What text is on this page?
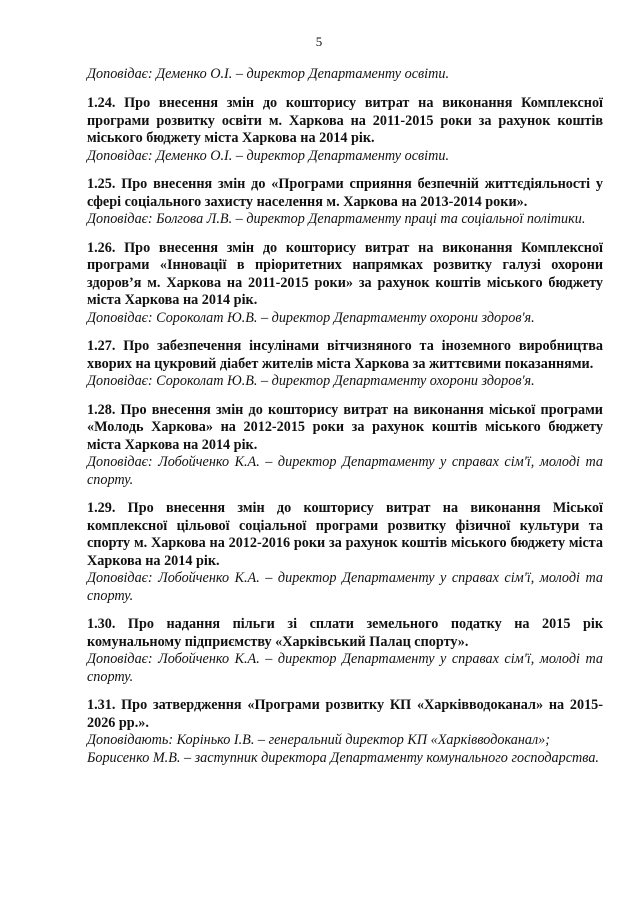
5

Доповідає: Деменко О.І. – директор Департаменту освіти.

1.24. Про внесення змін до кошторису витрат на виконання Комплексної програми розвитку освіти м. Харкова на 2011-2015 роки за рахунок коштів міського бюджету міста Харкова на 2014 рік.

Доповідає: Деменко О.І. – директор Департаменту освіти.

1.25. Про внесення змін до «Програми сприяння безпечній життєдіяльності у сфері соціального захисту населення м. Харкова на 2013-2014 роки».

Доповідає: Болгова Л.В. – директор Департаменту праці та соціальної політики.

1.26. Про внесення змін до кошторису витрат на виконання Комплексної програми «Інновації в пріоритетних напрямках розвитку галузі охорони здоров’я м. Харкова на 2011-2015 роки» за рахунок коштів міського бюджету міста Харкова на 2014 рік.

Доповідає: Сороколат Ю.В. – директор Департаменту охорони здоров'я.

1.27. Про забезпечення інсулінами вітчизняного та іноземного виробництва хворих на цукровий діабет жителів міста Харкова за життєвими показаннями.

Доповідає: Сороколат Ю.В. – директор Департаменту охорони здоров'я.

1.28. Про внесення змін до кошторису витрат на виконання міської програми «Молодь Харкова» на 2012-2015 роки за рахунок коштів міського бюджету міста Харкова на 2014 рік.

Доповідає: Лобойченко К.А. – директор Департаменту у справах сім'ї, молоді та спорту.

1.29. Про внесення змін до кошторису витрат на виконання Міської комплексної цільової соціальної програми розвитку фізичної культури та спорту м. Харкова на 2012-2016 роки за рахунок коштів міського бюджету міста Харкова на 2014 рік.

Доповідає: Лобойченко К.А. – директор Департаменту у справах сім'ї, молоді та спорту.

1.30. Про надання пільги зі сплати земельного податку на 2015 рік комунальному підприємству «Харківський Палац спорту».

Доповідає: Лобойченко К.А. – директор Департаменту у справах сім'ї, молоді та спорту.

1.31. Про затвердження «Програми розвитку КП «Харківводоканал» на 2015-2026 рр.».

Доповідають: Корінько І.В. – генеральний директор КП «Харківводоканал»;

Борисенко М.В. – заступник директора Департаменту комунального господарства.
